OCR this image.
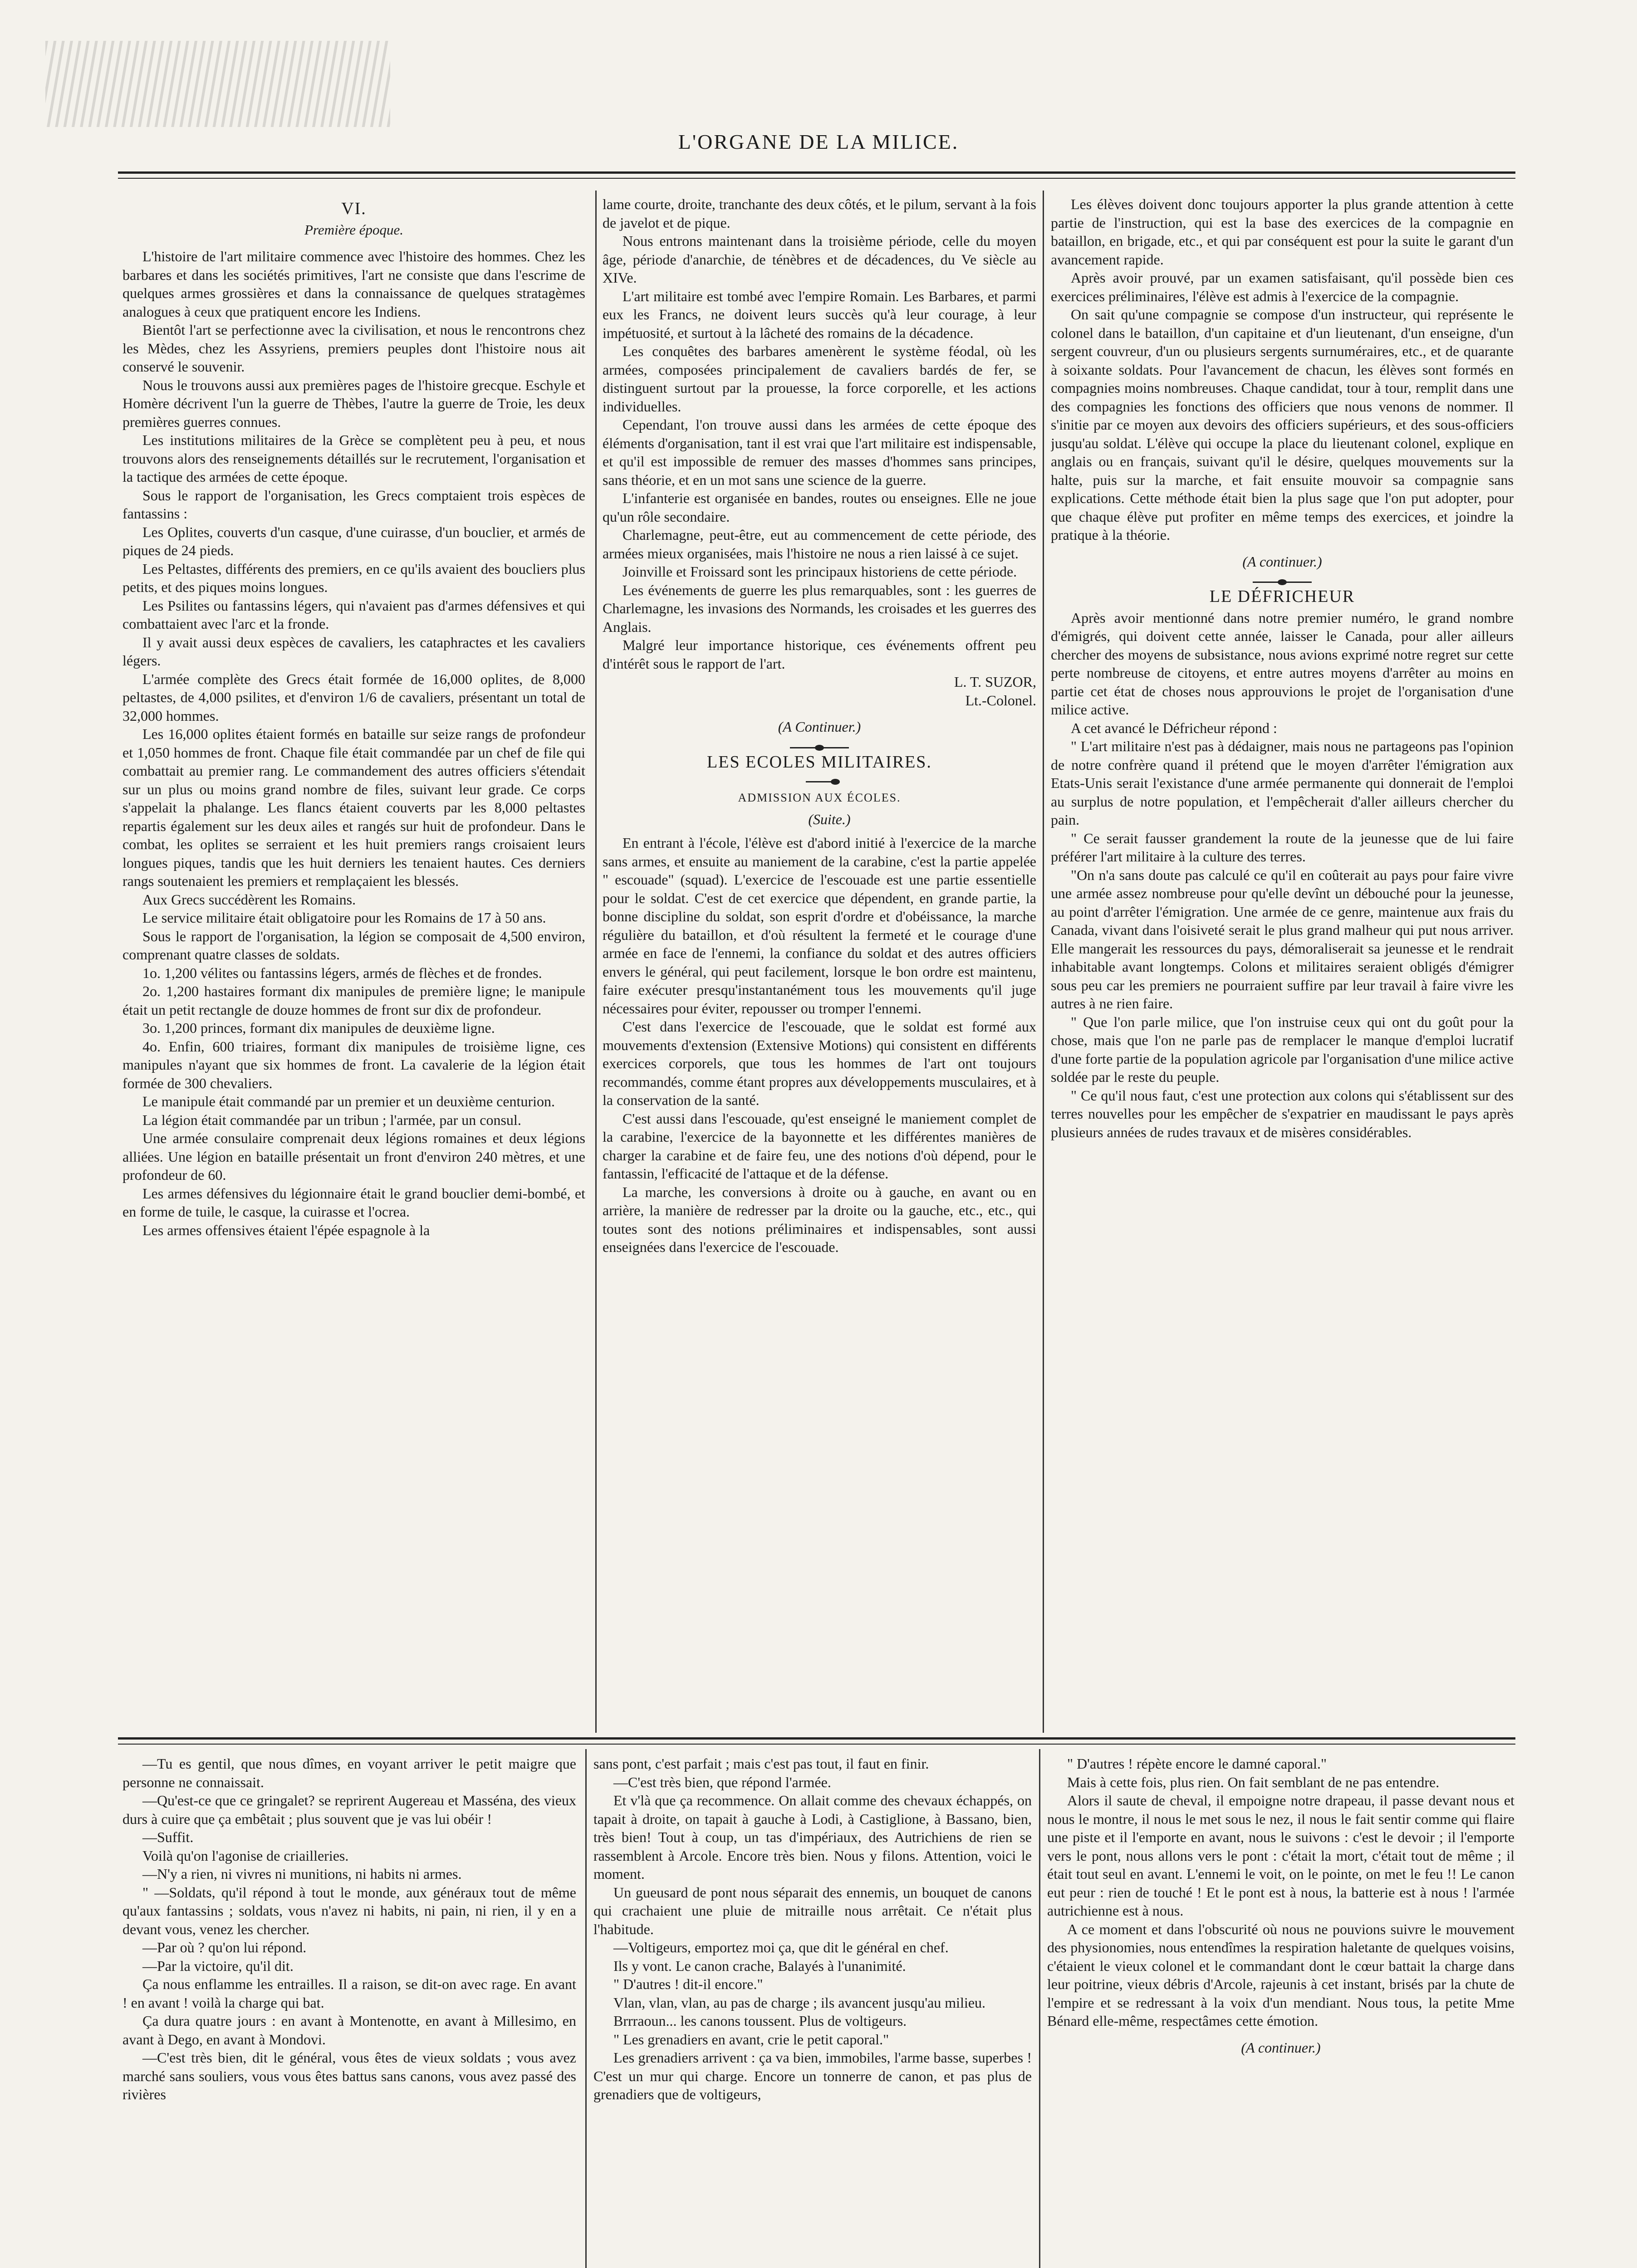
L'ORGANE DE LA MILICE.
VI.
Première époque.

L'histoire de l'art militaire commence avec l'histoire des hommes. Chez les barbares et dans les sociétés primitives, l'art ne consiste que dans l'escrime de quelques armes grossières et dans la connaissance de quelques stratagèmes analogues à ceux que pratiquent encore les Indiens.

Bientôt l'art se perfectionne avec la civilisation, et nous le rencontrons chez les Mèdes, chez les Assyriens, premiers peuples dont l'histoire nous ait conservé le souvenir.

Nous le trouvons aussi aux premières pages de l'histoire grecque. Eschyle et Homère décrivent l'un la guerre de Thèbes, l'autre la guerre de Troie, les deux premières guerres connues.

Les institutions militaires de la Grèce se complètent peu à peu, et nous trouvons alors des renseignements détaillés sur le recrutement, l'organisation et la tactique des armées de cette époque.

Sous le rapport de l'organisation, les Grecs comptaient trois espèces de fantassins :

Les Oplites, couverts d'un casque, d'une cuirasse, d'un bouclier, et armés de piques de 24 pieds.

Les Peltastes, différents des premiers, en ce qu'ils avaient des boucliers plus petits, et des piques moins longues.

Les Psilites ou fantassins légers, qui n'avaient pas d'armes défensives et qui combattaient avec l'arc et la fronde.

Il y avait aussi deux espèces de cavaliers, les cataphractes et les cavaliers légers.

L'armée complète des Grecs était formée de 16,000 oplites, de 8,000 peltastes, de 4,000 psilites, et d'environ 1/6 de cavaliers, présentant un total de 32,000 hommes.

Les 16,000 oplites étaient formés en bataille sur seize rangs de profondeur et 1,050 hommes de front. Chaque file était commandée par un chef de file qui combattait au premier rang. Le commandement des autres officiers s'étendait sur un plus ou moins grand nombre de files, suivant leur grade. Ce corps s'appelait la phalange. Les flancs étaient couverts par les 8,000 peltastes repartis également sur les deux ailes et rangés sur huit de profondeur. Dans le combat, les oplites se serraient et les huit premiers rangs croisaient leurs longues piques, tandis que les huit derniers les tenaient hautes. Ces derniers rangs soutenaient les premiers et remplaçaient les blessés.

Aux Grecs succédèrent les Romains.

Le service militaire était obligatoire pour les Romains de 17 à 50 ans.

Sous le rapport de l'organisation, la légion se composait de 4,500 environ, comprenant quatre classes de soldats.

1o. 1,200 vélites ou fantassins légers, armés de flèches et de frondes.

2o. 1,200 hastaires formant dix manipules de première ligne; le manipule était un petit rectangle de douze hommes de front sur dix de profondeur.

3o. 1,200 princes, formant dix manipules de deuxième ligne.

4o. Enfin, 600 triaires, formant dix manipules de troisième ligne, ces manipules n'ayant que six hommes de front. La cavalerie de la légion était formée de 300 chevaliers.

Le manipule était commandé par un premier et un deuxième centurion.

La légion était commandée par un tribun ; l'armée, par un consul.

Une armée consulaire comprenait deux légions romaines et deux légions alliées. Une légion en bataille présentait un front d'environ 240 mètres, et une profondeur de 60.

Les armes défensives du légionnaire était le grand bouclier demi-bombé, et en forme de tuile, le casque, la cuirasse et l'ocrea.

Les armes offensives étaient l'épée espagnole à la

lame courte, droite, tranchante des deux côtés, et le pilum, servant à la fois de javelot et de pique.

Nous entrons maintenant dans la troisième période, celle du moyen âge, période d'anarchie, de ténèbres et de décadences, du Ve siècle au XIVe.

L'art militaire est tombé avec l'empire Romain. Les Barbares, et parmi eux les Francs, ne doivent leurs succès qu'à leur courage, à leur impétuosité, et surtout à la lâcheté des romains de la décadence.

Les conquêtes des barbares amenèrent le système féodal, où les armées, composées principalement de cavaliers bardés de fer, se distinguent surtout par la prouesse, la force corporelle, et les actions individuelles.

Cependant, l'on trouve aussi dans les armées de cette époque des éléments d'organisation, tant il est vrai que l'art militaire est indispensable, et qu'il est impossible de remuer des masses d'hommes sans principes, sans théorie, et en un mot sans une science de la guerre.

L'infanterie est organisée en bandes, routes ou enseignes. Elle ne joue qu'un rôle secondaire.

Charlemagne, peut-être, eut au commencement de cette période, des armées mieux organisées, mais l'histoire ne nous a rien laissé à ce sujet.

Joinville et Froissard sont les principaux historiens de cette période.

Les événements de guerre les plus remarquables, sont : les guerres de Charlemagne, les invasions des Normands, les croisades et les guerres des Anglais.

Malgré leur importance historique, ces événements offrent peu d'intérêt sous le rapport de l'art.

L. T. SUZOR,

Lt.-Colonel.

(A Continuer.)

LES ECOLES MILITAIRES.
ADMISSION AUX ÉCOLES.

(Suite.)

En entrant à l'école, l'élève est d'abord initié à l'exercice de la marche sans armes, et ensuite au maniement de la carabine, c'est la partie appelée " escouade" (squad). L'exercice de l'escouade est une partie essentielle pour le soldat. C'est de cet exercice que dépendent, en grande partie, la bonne discipline du soldat, son esprit d'ordre et d'obéissance, la marche régulière du bataillon, et d'où résultent la fermeté et le courage d'une armée en face de l'ennemi, la confiance du soldat et des autres officiers envers le général, qui peut facilement, lorsque le bon ordre est maintenu, faire exécuter presqu'instantanément tous les mouvements qu'il juge nécessaires pour éviter, repousser ou tromper l'ennemi.

C'est dans l'exercice de l'escouade, que le soldat est formé aux mouvements d'extension (Extensive Motions) qui consistent en différents exercices corporels, que tous les hommes de l'art ont toujours recommandés, comme étant propres aux développements musculaires, et à la conservation de la santé.

C'est aussi dans l'escouade, qu'est enseigné le maniement complet de la carabine, l'exercice de la bayonnette et les différentes manières de charger la carabine et de faire feu, une des notions d'où dépend, pour le fantassin, l'efficacité de l'attaque et de la défense.

La marche, les conversions à droite ou à gauche, en avant ou en arrière, la manière de redresser par la droite ou la gauche, etc., etc., qui toutes sont des notions préliminaires et indispensables, sont aussi enseignées dans l'exercice de l'escouade.

Les élèves doivent donc toujours apporter la plus grande attention à cette partie de l'instruction, qui est la base des exercices de la compagnie en bataillon, en brigade, etc., et qui par conséquent est pour la suite le garant d'un avancement rapide.

Après avoir prouvé, par un examen satisfaisant, qu'il possède bien ces exercices préliminaires, l'élève est admis à l'exercice de la compagnie.

On sait qu'une compagnie se compose d'un instructeur, qui représente le colonel dans le bataillon, d'un capitaine et d'un lieutenant, d'un enseigne, d'un sergent couvreur, d'un ou plusieurs sergents surnuméraires, etc., et de quarante à soixante soldats. Pour l'avancement de chacun, les élèves sont formés en compagnies moins nombreuses. Chaque candidat, tour à tour, remplit dans une des compagnies les fonctions des officiers que nous venons de nommer. Il s'initie par ce moyen aux devoirs des officiers supérieurs, et des sous-officiers jusqu'au soldat. L'élève qui occupe la place du lieutenant colonel, explique en anglais ou en français, suivant qu'il le désire, quelques mouvements sur la halte, puis sur la marche, et fait ensuite mouvoir sa compagnie sans explications. Cette méthode était bien la plus sage que l'on put adopter, pour que chaque élève put profiter en même temps des exercices, et joindre la pratique à la théorie.

(A continuer.)

LE DÉFRICHEUR

Après avoir mentionné dans notre premier numéro, le grand nombre d'émigrés, qui doivent cette année, laisser le Canada, pour aller ailleurs chercher des moyens de subsistance, nous avions exprimé notre regret sur cette perte nombreuse de citoyens, et entre autres moyens d'arrêter au moins en partie cet état de choses nous approuvions le projet de l'organisation d'une milice active.

A cet avancé le Défricheur répond :

" L'art militaire n'est pas à dédaigner, mais nous ne partageons pas l'opinion de notre confrère quand il prétend que le moyen d'arrêter l'émigration aux Etats-Unis serait l'existance d'une armée permanente qui donnerait de l'emploi au surplus de notre population, et l'empêcherait d'aller ailleurs chercher du pain.

" Ce serait fausser grandement la route de la jeunesse que de lui faire préférer l'art militaire à la culture des terres.

"On n'a sans doute pas calculé ce qu'il en coûterait au pays pour faire vivre une armée assez nombreuse pour qu'elle devînt un débouché pour la jeunesse, au point d'arrêter l'émigration. Une armée de ce genre, maintenue aux frais du Canada, vivant dans l'oisiveté serait le plus grand malheur qui put nous arriver. Elle mangerait les ressources du pays, démoraliserait sa jeunesse et le rendrait inhabitable avant longtemps. Colons et militaires seraient obligés d'émigrer sous peu car les premiers ne pourraient suffire par leur travail à faire vivre les autres à ne rien faire.

" Que l'on parle milice, que l'on instruise ceux qui ont du goût pour la chose, mais que l'on ne parle pas de remplacer le manque d'emploi lucratif d'une forte partie de la population agricole par l'organisation d'une milice active soldée par le reste du peuple.

" Ce qu'il nous faut, c'est une protection aux colons qui s'établissent sur des terres nouvelles pour les empêcher de s'expatrier en maudissant le pays après plusieurs années de rudes travaux et de misères considérables.

—Tu es gentil, que nous dîmes, en voyant arriver le petit maigre que personne ne connaissait.

—Qu'est-ce que ce gringalet? se reprirent Augereau et Masséna, des vieux durs à cuire que ça embêtait ; plus souvent que je vas lui obéir !

—Suffit.

Voilà qu'on l'agonise de criailleries.

—N'y a rien, ni vivres ni munitions, ni habits ni armes.

" —Soldats, qu'il répond à tout le monde, aux généraux tout de même qu'aux fantassins ; soldats, vous n'avez ni habits, ni pain, ni rien, il y en a devant vous, venez les chercher.

—Par où ? qu'on lui répond.

—Par la victoire, qu'il dit.

Ça nous enflamme les entrailles. Il a raison, se dit-on avec rage. En avant ! en avant ! voilà la charge qui bat.

Ça dura quatre jours : en avant à Montenotte, en avant à Millesimo, en avant à Dego, en avant à Mondovi.

—C'est très bien, dit le général, vous êtes de vieux soldats ; vous avez marché sans souliers, vous vous êtes battus sans canons, vous avez passé des rivières

sans pont, c'est parfait ; mais c'est pas tout, il faut en finir.

—C'est très bien, que répond l'armée.

Et v'là que ça recommence. On allait comme des chevaux échappés, on tapait à droite, on tapait à gauche à Lodi, à Castiglione, à Bassano, bien, très bien! Tout à coup, un tas d'impériaux, des Autrichiens de rien se rassemblent à Arcole. Encore très bien. Nous y filons. Attention, voici le moment.

Un gueusard de pont nous séparait des ennemis, un bouquet de canons qui crachaient une pluie de mitraille nous arrêtait. Ce n'était plus l'habitude.

—Voltigeurs, emportez moi ça, que dit le général en chef.

Ils y vont. Le canon crache, Balayés à l'unanimité.

" D'autres ! dit-il encore."

Vlan, vlan, vlan, au pas de charge ; ils avancent jusqu'au milieu.

Brrraoun... les canons toussent. Plus de voltigeurs.

" Les grenadiers en avant, crie le petit caporal."

Les grenadiers arrivent : ça va bien, immobiles, l'arme basse, superbes ! C'est un mur qui charge. Encore un tonnerre de canon, et pas plus de grenadiers que de voltigeurs,

" D'autres ! répète encore le damné caporal."

Mais à cette fois, plus rien. On fait semblant de ne pas entendre.

Alors il saute de cheval, il empoigne notre drapeau, il passe devant nous et nous le montre, il nous le met sous le nez, il nous le fait sentir comme qui flaire une piste et il l'emporte en avant, nous le suivons : c'est le devoir ; il l'emporte vers le pont, nous allons vers le pont : c'était la mort, c'était tout de même ; il était tout seul en avant. L'ennemi le voit, on le pointe, on met le feu !! Le canon eut peur : rien de touché ! Et le pont est à nous, la batterie est à nous ! l'armée autrichienne est à nous.

A ce moment et dans l'obscurité où nous ne pouvions suivre le mouvement des physionomies, nous entendîmes la respiration haletante de quelques voisins, c'étaient le vieux colonel et le commandant dont le cœur battait la charge dans leur poitrine, vieux débris d'Arcole, rajeunis à cet instant, brisés par la chute de l'empire et se redressant à la voix d'un mendiant. Nous tous, la petite Mme Bénard elle-même, respectâmes cette émotion.

(A continuer.)
